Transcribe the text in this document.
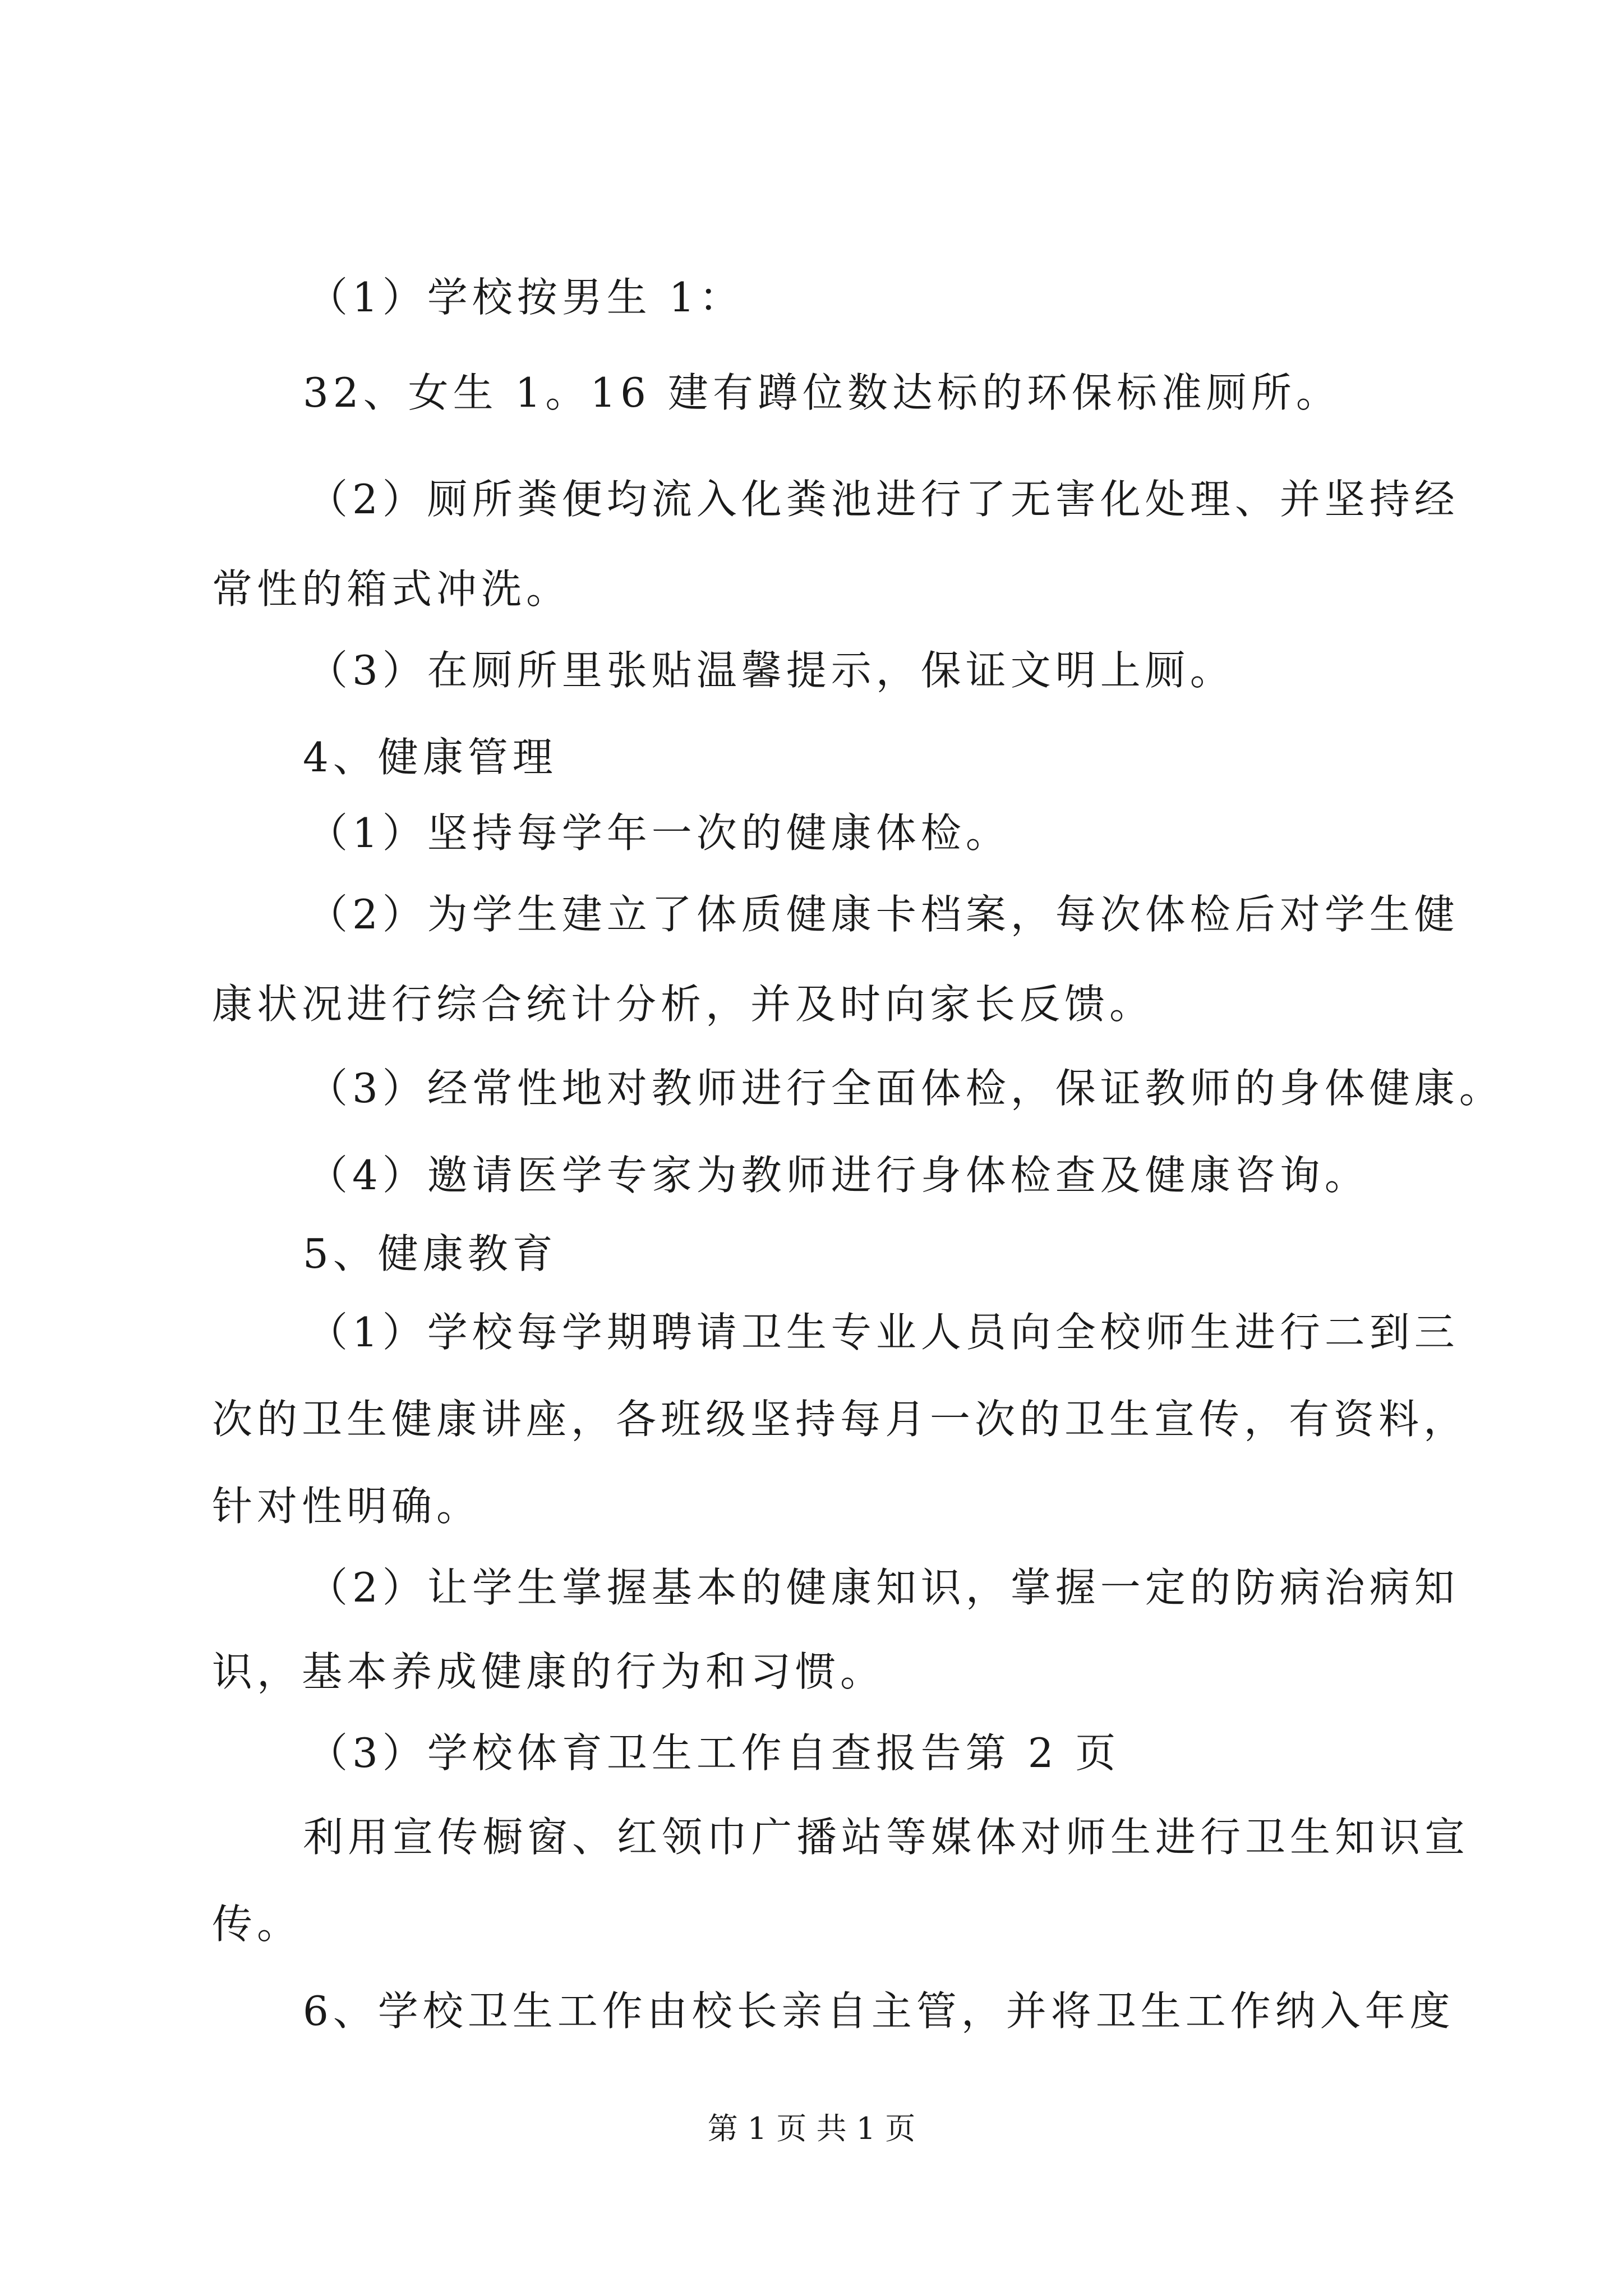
（1）学校按男生 1：
32、女生 1。16 建有蹲位数达标的环保标准厕所。
（2）厕所粪便均流入化粪池进行了无害化处理、并坚持经
常性的箱式冲洗。
（3）在厕所里张贴温馨提示，保证文明上厕。
4、健康管理
（1）坚持每学年一次的健康体检。
（2）为学生建立了体质健康卡档案，每次体检后对学生健
康状况进行综合统计分析，并及时向家长反馈。
（3）经常性地对教师进行全面体检，保证教师的身体健康。
（4）邀请医学专家为教师进行身体检查及健康咨询。
5、健康教育
（1）学校每学期聘请卫生专业人员向全校师生进行二到三
次的卫生健康讲座，各班级坚持每月一次的卫生宣传，有资料，
针对性明确。
（2）让学生掌握基本的健康知识，掌握一定的防病治病知
识，基本养成健康的行为和习惯。
（3）学校体育卫生工作自查报告第 2 页
利用宣传橱窗、红领巾广播站等媒体对师生进行卫生知识宣
传。
6、学校卫生工作由校长亲自主管，并将卫生工作纳入年度
第 1 页 共 1 页
